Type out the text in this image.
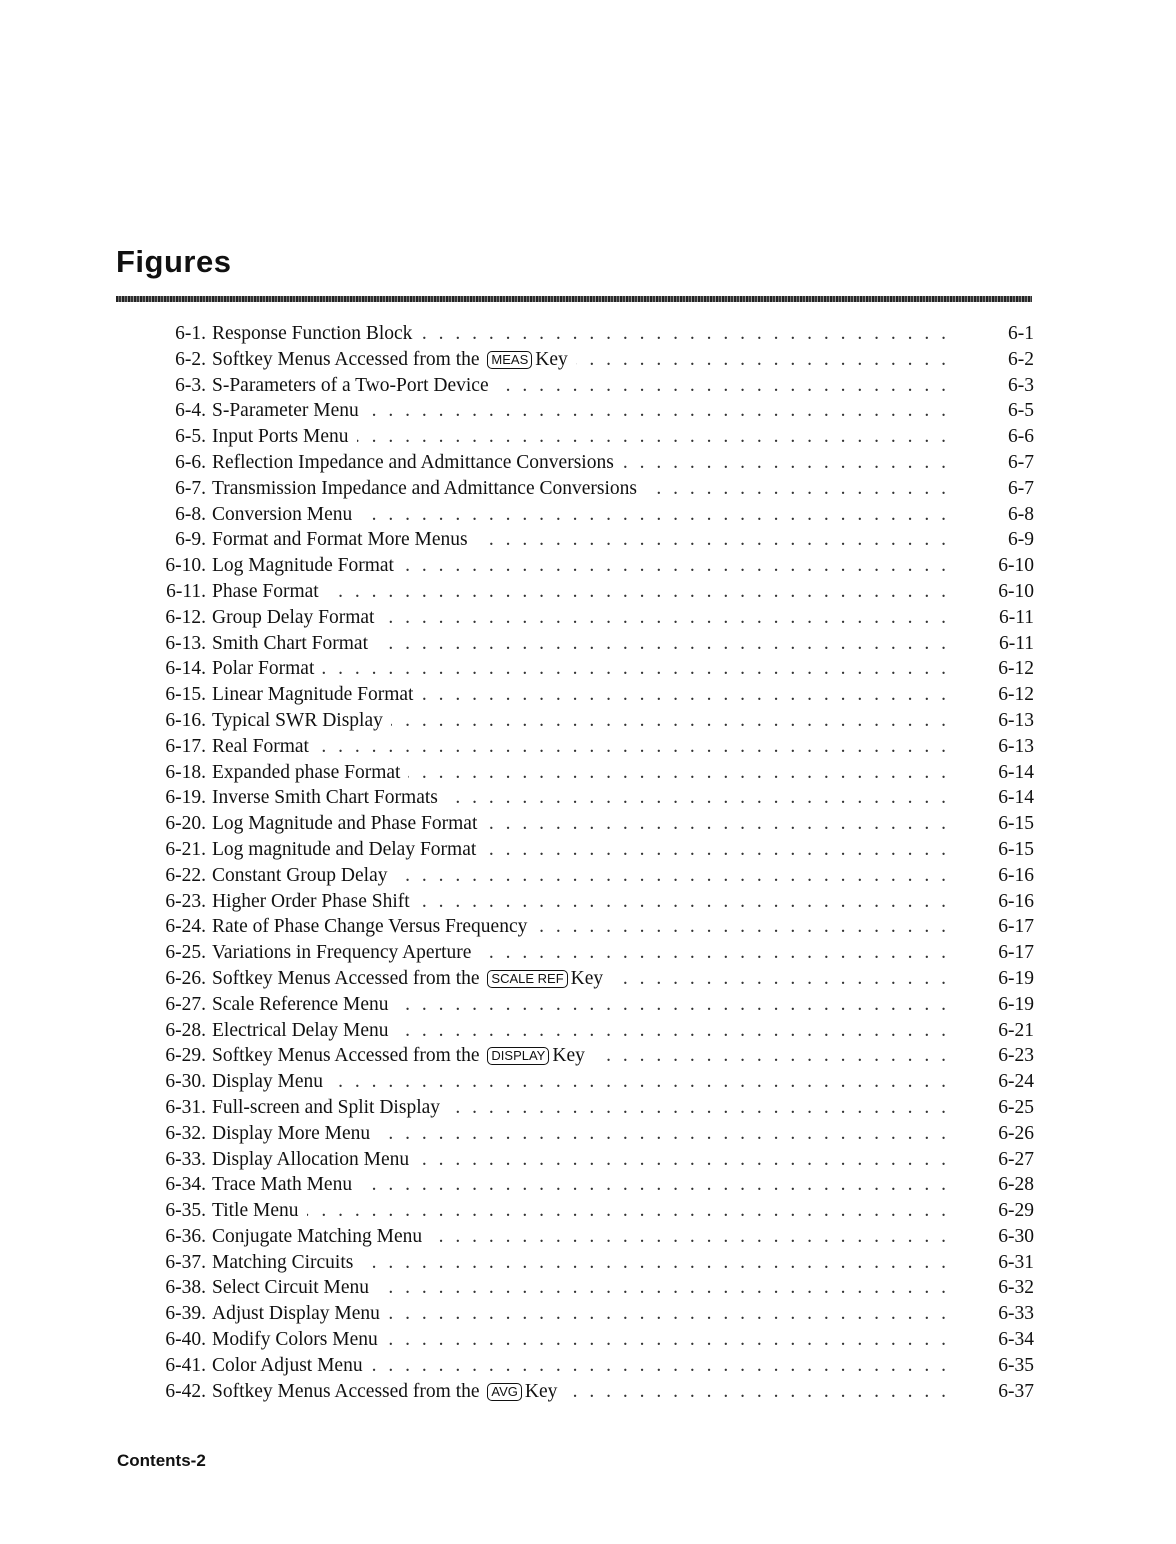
Figures
6-1. Response Function Block . . .	6-1
6-2. Softkey Menus Accessed from the MEAS Key . . .	6-2
6-3. S-Parameters of a Two-Port Device . . .	6-3
6-4. S-Parameter Menu . . .	6-5
6-5. Input Ports Menu . . .	6-6
6-6. Reflection Impedance and Admittance Conversions . . .	6-7
6-7. Transmission Impedance and Admittance Conversions . . .	6-7
6-8. Conversion Menu . . .	6-8
6-9. Format and Format More Menus . . .	6-9
6-10. Log Magnitude Format . . .	6-10
6-11. Phase Format . . .	6-10
6-12. Group Delay Format . . .	6-11
6-13. Smith Chart Format . . .	6-11
6-14. Polar Format . . .	6-12
6-15. Linear Magnitude Format . . .	6-12
6-16. Typical SWR Display . . .	6-13
6-17. Real Format . . .	6-13
6-18. Expanded phase Format . . .	6-14
6-19. Inverse Smith Chart Formats . . .	6-14
6-20. Log Magnitude and Phase Format . . .	6-15
6-21. Log magnitude and Delay Format . . .	6-15
6-22. Constant Group Delay . . .	6-16
6-23. Higher Order Phase Shift . . .	6-16
6-24. Rate of Phase Change Versus Frequency . . .	6-17
6-25. Variations in Frequency Aperture . . .	6-17
6-26. Softkey Menus Accessed from the SCALE REF Key . . .	6-19
6-27. Scale Reference Menu . . .	6-19
6-28. Electrical Delay Menu . . .	6-21
6-29. Softkey Menus Accessed from the DISPLAY Key . . .	6-23
6-30. Display Menu . . .	6-24
6-31. Full-screen and Split Display . . .	6-25
6-32. Display More Menu . . .	6-26
6-33. Display Allocation Menu . . .	6-27
6-34. Trace Math Menu . . .	6-28
6-35. Title Menu . . .	6-29
6-36. Conjugate Matching Menu . . .	6-30
6-37. Matching Circuits . . .	6-31
6-38. Select Circuit Menu . . .	6-32
6-39. Adjust Display Menu . . .	6-33
6-40. Modify Colors Menu . . .	6-34
6-41. Color Adjust Menu . . .	6-35
6-42. Softkey Menus Accessed from the AVG Key . . .	6-37
Contents-2
